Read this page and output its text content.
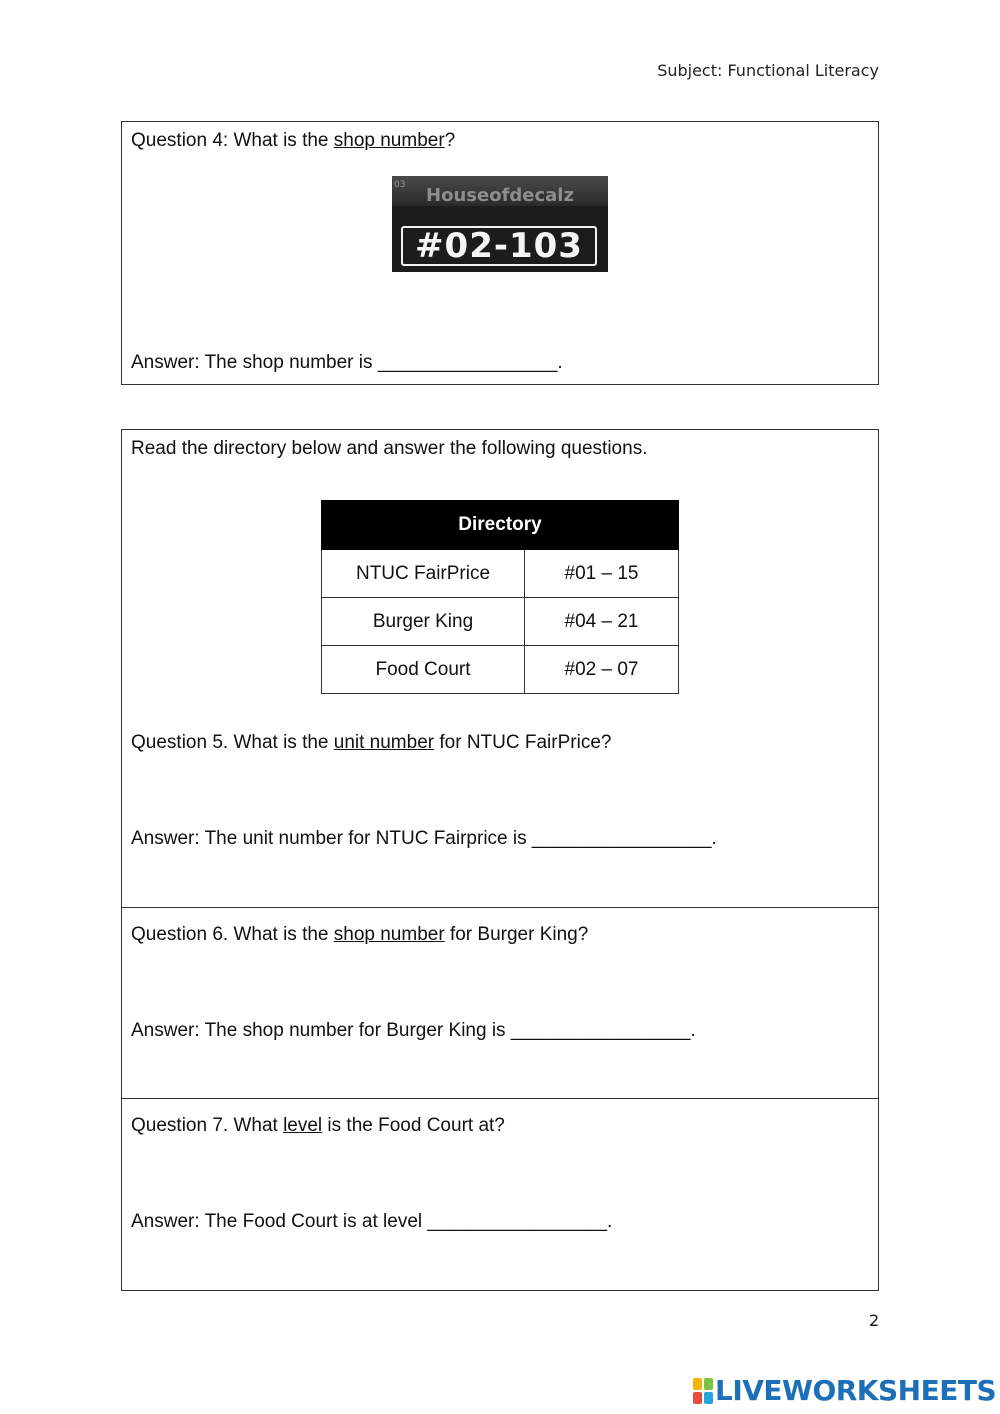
Subject: Functional Literacy
Question 4: What is the shop number?
03	Houseofdecalz
#02-103
Answer: The shop number is _________________.
Read the directory below and answer the following questions.
Directory	
NTUC FairPrice	#01 – 15
Burger King	#04 – 21
Food Court	#02 – 07
Question 5. What is the unit number for NTUC FairPrice?
Answer: The unit number for NTUC Fairprice is _________________.
Question 6. What is the shop number for Burger King?
Answer: The shop number for Burger King is _________________.
Question 7. What level is the Food Court at?
Answer: The Food Court is at level _________________.
2
LIVEWORKSHEETS
